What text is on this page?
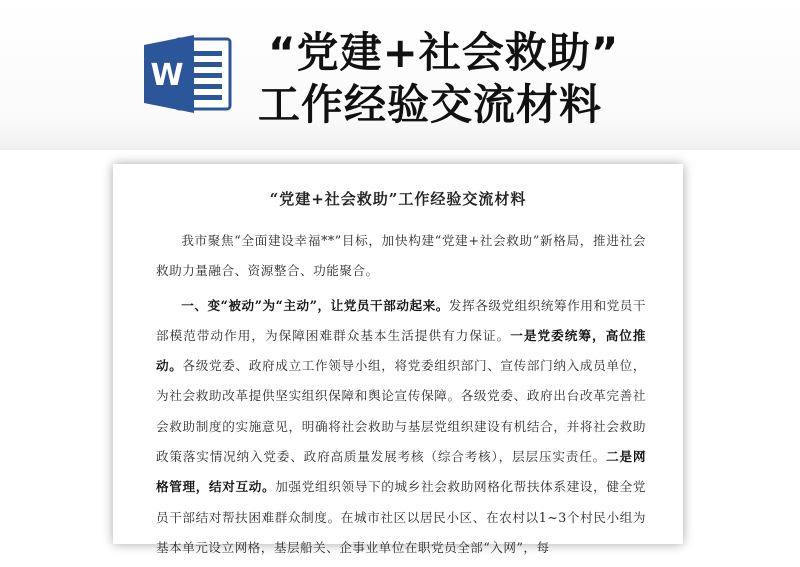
W “党建+社会救助”
工作经验交流材料
“党建+社会救助”工作经验交流材料

我市聚焦“全面建设幸福**”目标，加快构建“党建+社会救助”新格局，推进社会救助力量融合、资源整合、功能聚合。

一、变“被动”为“主动”，让党员干部动起来。发挥各级党组织统筹作用和党员干部模范带动作用，为保障困难群众基本生活提供有力保证。一是党委统筹，高位推动。各级党委、政府成立工作领导小组，将党委组织部门、宣传部门纳入成员单位，为社会救助改革提供坚实组织保障和舆论宣传保障。各级党委、政府出台改革完善社会救助制度的实施意见，明确将社会救助与基层党组织建设有机结合，并将社会救助政策落实情况纳入党委、政府高质量发展考核（综合考核），层层压实责任。二是网格管理，结对互动。加强党组织领导下的城乡社会救助网格化帮扶体系建设，健全党员干部结对帮扶困难群众制度。在城市社区以居民小区、在农村以1~3个村民小组为基本单元设立网格，基层船关、企事业单位在职党员全部“入网”，每
